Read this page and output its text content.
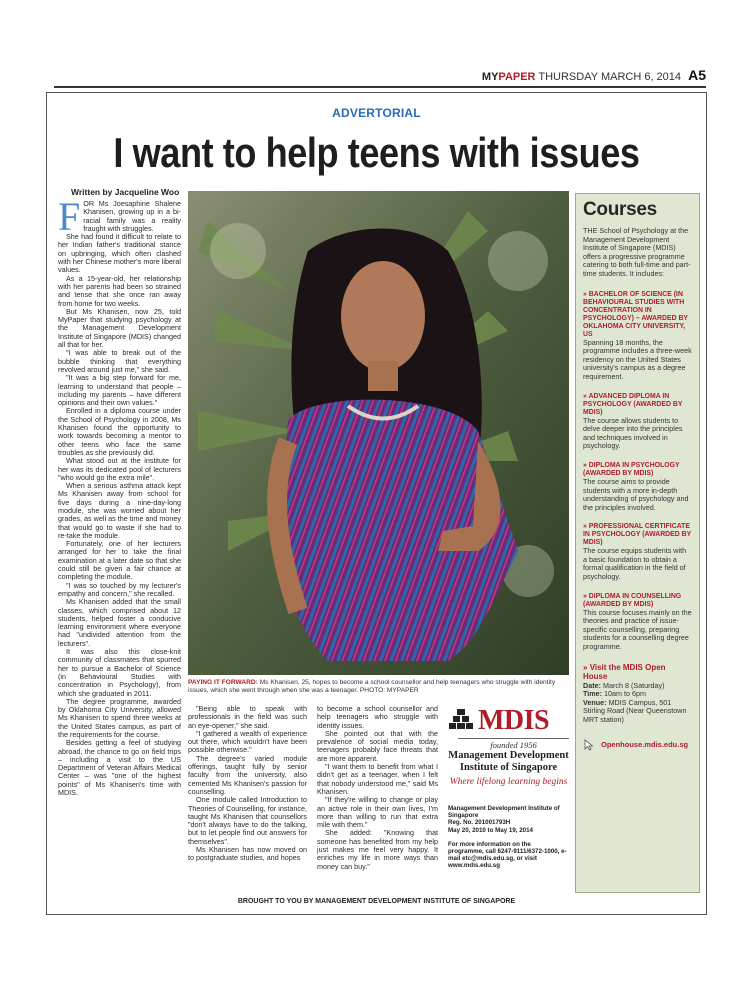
MYPAPER THURSDAY MARCH 6, 2014 A5
ADVERTORIAL
I want to help teens with issues
Written by Jacqueline Woo

FOR Ms Joesaphine Shalene Khanisen, growing up in a bi-racial family was a reality fraught with struggles.

She had found it difficult to relate to her Indian father's traditional stance on upbringing, which often clashed with her Chinese mother's more liberal values.

As a 15-year-old, her relationship with her parents had been so strained and tense that she once ran away from home for two weeks.

But Ms Khanisen, now 25, told MyPaper that studying psychology at the Management Development Institute of Singapore (MDIS) changed all that for her.

"I was able to break out of the bubble thinking that everything revolved around just me," she said.

"It was a big step forward for me, learning to understand that people – including my parents – have different opinions and their own values."

Enrolled in a diploma course under the School of Psychology in 2008, Ms Khanisen found the opportunity to work towards becoming a mentor to other teens who face the same troubles as she previously did.

What stood out at the institute for her was its dedicated pool of lecturers "who would go the extra mile".

When a serious asthma attack kept Ms Khanisen away from school for five days during a nine-day-long module, she was worried about her grades, as well as the time and money that would go to waste if she had to re-take the module.

Fortunately, one of her lecturers arranged for her to take the final examination at a later date so that she could still be given a fair chance at completing the module.

"I was so touched by my lecturer's empathy and concern," she recalled.

Ms Khanisen added that the small classes, which comprised about 12 students, helped foster a conducive learning environment where everyone had "undivided attention from the lecturers".

It was also this close-knit community of classmates that spurred her to pursue a Bachelor of Science (in Behavioural Studies with concentration in Psychology), from which she graduated in 2011.

The degree programme, awarded by Oklahoma City University, allowed Ms Khanisen to spend three weeks at the United States campus, as part of the requirements for the course.

Besides getting a feel of studying abroad, the chance to go on field trips – including a visit to the US Department of Veteran Affairs Medical Center – was "one of the highest points" of Ms Khanisen's time with MDIS.

PAYING IT FORWARD: Ms Khanisen, 25, hopes to become a school counsellor and help teenagers who struggle with identity issues, which she went through when she was a teenager. PHOTO: MYPAPER

"Being able to speak with professionals in the field was such an eye-opener," she said.

"I gathered a wealth of experience out there, which wouldn't have been possible otherwise."

The degree's varied module offerings, taught fully by senior faculty from the university, also cemented Ms Khanisen's passion for counselling.

One module called Introduction to Theories of Counselling, for instance, taught Ms Khanisen that counsellors "don't always have to do the talking, but to let people find out answers for themselves".

Ms Khanisen has now moved on to postgraduate studies, and hopes

to become a school counsellor and help teenagers who struggle with identity issues.

She pointed out that with the prevalence of social media today, teenagers probably face threats that are more apparent.

"I want them to benefit from what I didn't get as a teenager, when I felt that nobody understood me," said Ms Khanisen.

"If they're willing to change or play an active role in their own lives, I'm more than willing to run that extra mile with them."

She added: "Knowing that someone has benefited from my help just makes me feel very happy. It enriches my life in more ways than money can buy."

MDIS
founded 1956
Management Development
Institute of Singapore
Where lifelong learning begins
Management Development Institute of Singapore
Reg. No. 201001793H
May 20, 2010 to May 19, 2014
For more information on the programme, call 6247-9111/6372-1000, e-mail etc@mdis.edu.sg, or visit www.mdis.edu.sg
Courses
THE School of Psychology at the Management Development Institute of Singapore (MDIS) offers a progressive programme catering to both full-time and part-time students. It includes:
» BACHELOR OF SCIENCE (IN BEHAVIOURAL STUDIES WITH CONCENTRATION IN PSYCHOLOGY) – AWARDED BY OKLAHOMA CITY UNIVERSITY, US
Spanning 18 months, the programme includes a three-week residency on the United States university's campus as a degree requirement.
» ADVANCED DIPLOMA IN PSYCHOLOGY (AWARDED BY MDIS)
The course allows students to delve deeper into the principles and techniques involved in psychology.
» DIPLOMA IN PSYCHOLOGY (AWARDED BY MDIS)
The course aims to provide students with a more in-depth understanding of psychology and the principles involved.
» PROFESSIONAL CERTIFICATE IN PSYCHOLOGY (AWARDED BY MDIS)
The course equips students with a basic foundation to obtain a formal qualification in the field of psychology.
» DIPLOMA IN COUNSELLING (AWARDED BY MDIS)
This course focuses mainly on the theories and practice of issue-specific counselling, preparing students for a counselling degree programme.
» Visit the MDIS Open House
Date: March 8 (Saturday)
Time: 10am to 6pm
Venue: MDIS Campus, 501 Stirling Road (Near Queenstown MRT station)
Openhouse.mdis.edu.sg
BROUGHT TO YOU BY MANAGEMENT DEVELOPMENT INSTITUTE OF SINGAPORE
